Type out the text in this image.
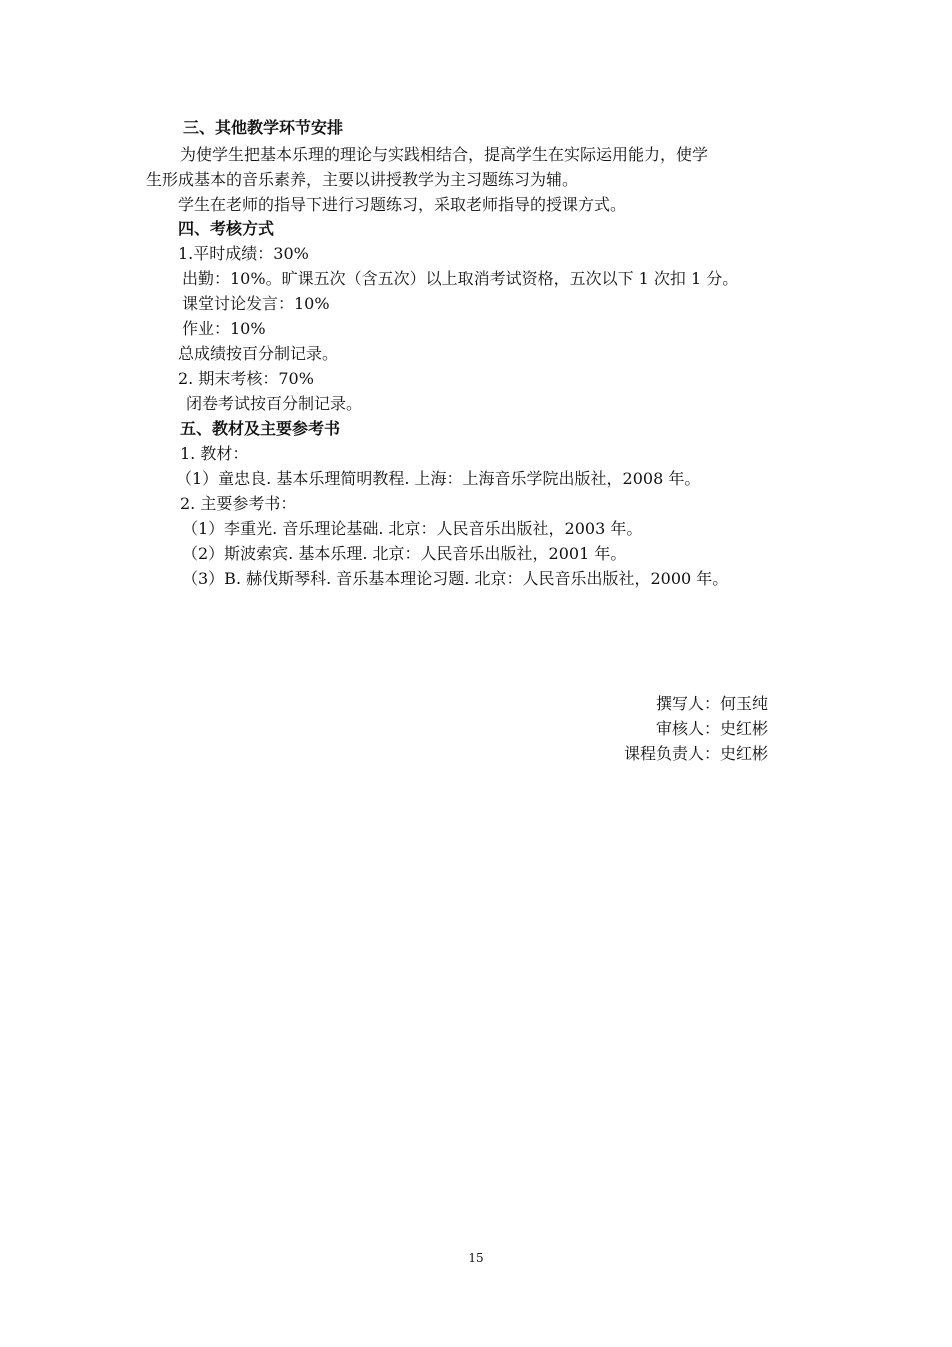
三、其他教学环节安排
为使学生把基本乐理的理论与实践相结合，提高学生在实际运用能力，使学
生形成基本的音乐素养，主要以讲授教学为主习题练习为辅。
学生在老师的指导下进行习题练习，采取老师指导的授课方式。
四、考核方式
1.平时成绩：30%
出勤：10%。旷课五次（含五次）以上取消考试资格，五次以下 1 次扣 1 分。
课堂讨论发言：10%
作业：10%
总成绩按百分制记录。
2. 期末考核：70%
闭卷考试按百分制记录。
五、教材及主要参考书
1. 教材：
（1）童忠良. 基本乐理简明教程. 上海：上海音乐学院出版社，2008 年。
2. 主要参考书：
（1）李重光. 音乐理论基础. 北京：人民音乐出版社，2003 年。
（2）斯波索宾. 基本乐理. 北京：人民音乐出版社，2001 年。
（3）B. 赫伐斯琴科. 音乐基本理论习题. 北京：人民音乐出版社，2000 年。
撰写人：何玉纯
审核人：史红彬
课程负责人：史红彬
15
